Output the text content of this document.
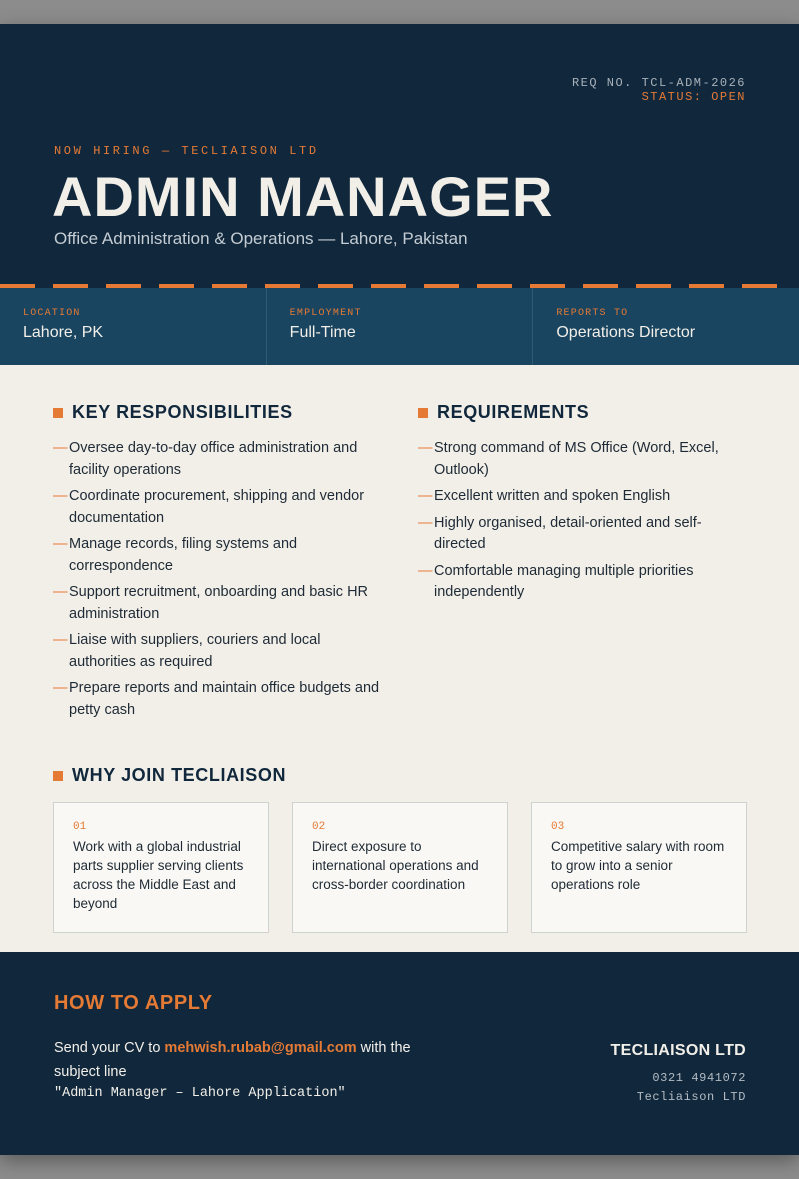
REQ NO. TCL-ADM-2026
STATUS: OPEN
NOW HIRING — TECLIAISON LTD
ADMIN MANAGER
Office Administration & Operations — Lahore, Pakistan
LOCATION
Lahore, PK
EMPLOYMENT
Full-Time
REPORTS TO
Operations Director
KEY RESPONSIBILITIES
— Oversee day-to-day office administration and facility operations
— Coordinate procurement, shipping and vendor documentation
— Manage records, filing systems and correspondence
— Support recruitment, onboarding and basic HR administration
— Liaise with suppliers, couriers and local authorities as required
— Prepare reports and maintain office budgets and petty cash
REQUIREMENTS
— Strong command of MS Office (Word, Excel, Outlook)
— Excellent written and spoken English
— Highly organised, detail-oriented and self-directed
— Comfortable managing multiple priorities independently
WHY JOIN TECLIAISON
01
Work with a global industrial parts supplier serving clients across the Middle East and beyond
02
Direct exposure to international operations and cross-border coordination
03
Competitive salary with room to grow into a senior operations role
HOW TO APPLY
Send your CV to mehwish.rubab@gmail.com with the subject line
"Admin Manager – Lahore Application"
TECLIAISON LTD
0321 4941072
Tecliaison LTD
